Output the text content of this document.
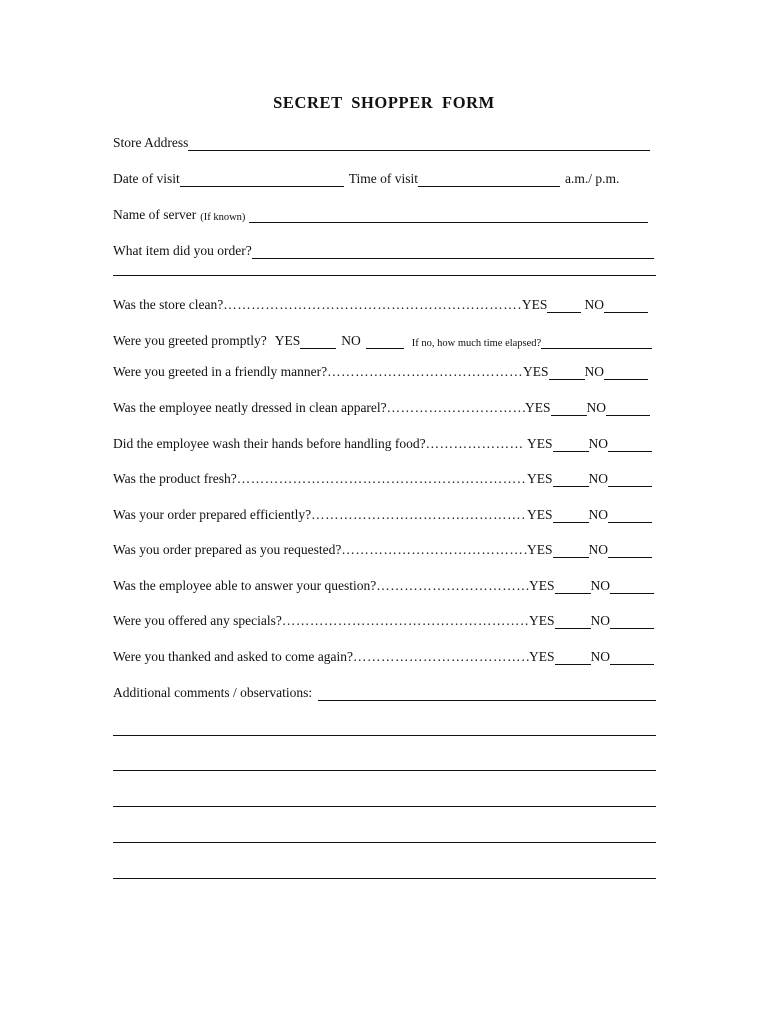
SECRET SHOPPER FORM
Store Address
Date of visit	Time of visit	a.m./ p.m.
Name of server (If known)
What item did you order?
Was the store clean? …………………………………………………………………………………………	YES	NO
Were you greeted promptly? YES	NO	If no, how much time elapsed?
Were you greeted in a friendly manner? …………………………………………………………………………………………	YES	NO
Was the employee neatly dressed in clean apparel? …………………………………………………………………………………………	YES	NO
Did the employee wash their hands before handling food? …………………………………………………………………………………………	YES	NO
Was the product fresh? …………………………………………………………………………………………	YES	NO
Was your order prepared efficiently? …………………………………………………………………………………………	YES	NO
Was you order prepared as you requested? …………………………………………………………………………………………	YES	NO
Was the employee able to answer your question? …………………………………………………………………………………………	YES	NO
Were you offered any specials? …………………………………………………………………………………………	YES	NO
Were you thanked and asked to come again? …………………………………………………………………………………………	YES	NO
Additional comments / observations:
